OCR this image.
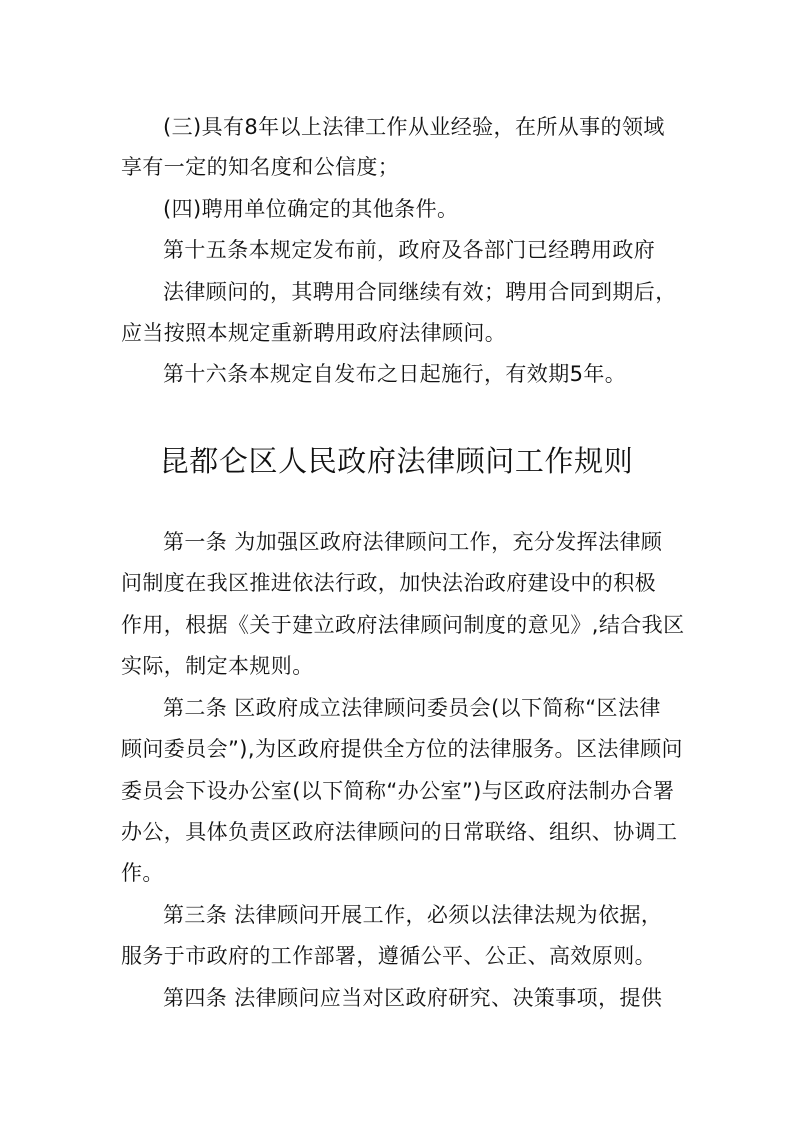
(三)具有8年以上法律工作从业经验，在所从事的领域
享有一定的知名度和公信度；
(四)聘用单位确定的其他条件。
第十五条本规定发布前，政府及各部门已经聘用政府
法律顾问的，其聘用合同继续有效；聘用合同到期后，
应当按照本规定重新聘用政府法律顾问。
第十六条本规定自发布之日起施行，有效期5年。
昆都仑区人民政府法律顾问工作规则
第一条 为加强区政府法律顾问工作，充分发挥法律顾
问制度在我区推进依法行政，加快法治政府建设中的积极
作用，根据《关于建立政府法律顾问制度的意见》,结合我区
实际，制定本规则。
第二条 区政府成立法律顾问委员会(以下简称“区法律
顾问委员会”),为区政府提供全方位的法律服务。区法律顾问
委员会下设办公室(以下简称“办公室”)与区政府法制办合署
办公，具体负责区政府法律顾问的日常联络、组织、协调工
作。
第三条 法律顾问开展工作，必须以法律法规为依据，
服务于市政府的工作部署，遵循公平、公正、高效原则。
第四条 法律顾问应当对区政府研究、决策事项，提供
